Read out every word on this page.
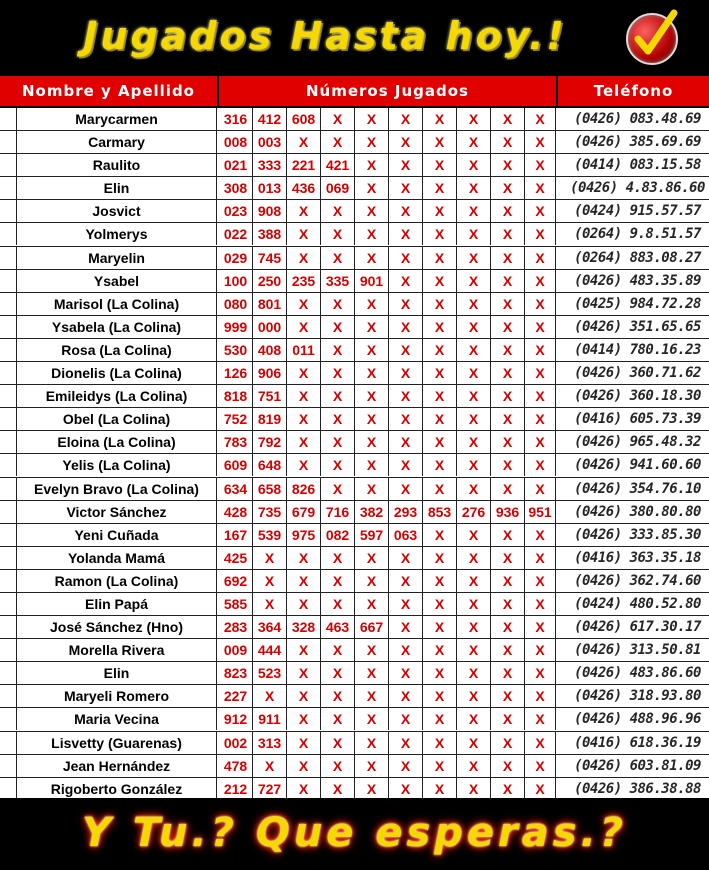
Jugados Hasta hoy.!
Nombre y Apellido	Números Jugados	Teléfono
Marycarmen	316 412 608	X	X	X	X	X	X	X	(0426) 083.48.69
Carmary	008 003	X	X	X	X	X	X	X	X	(0426) 385.69.69
Raulito	021 333 221 421	X	X	X	X	X	X	(0414) 083.15.58
Elin	308 013 436 069	X	X	X	X	X	X	(0426) 4.83.86.60
Josvict	023 908	X	X	X	X	X	X	X	X	(0424) 915.57.57
Yolmerys	022 388	X	X	X	X	X	X	X	X	(0264) 9.8.51.57
Maryelin	029 745	X	X	X	X	X	X	X	X	(0264) 883.08.27
Ysabel	100 250 235 335 901	X	X	X	X	X	(0426) 483.35.89
Marisol (La Colina)	080 801	X	X	X	X	X	X	X	X	(0425) 984.72.28
Ysabela (La Colina)	999 000	X	X	X	X	X	X	X	X	(0426) 351.65.65
Rosa (La Colina)	530 408 011	X	X	X	X	X	X	X	(0414) 780.16.23
Dionelis (La Colina)	126 906	X	X	X	X	X	X	X	X	(0426) 360.71.62
Emileidys (La Colina)	818 751	X	X	X	X	X	X	X	X	(0426) 360.18.30
Obel (La Colina)	752 819	X	X	X	X	X	X	X	X	(0416) 605.73.39
Eloina (La Colina)	783 792	X	X	X	X	X	X	X	X	(0426) 965.48.32
Yelis (La Colina)	609 648	X	X	X	X	X	X	X	X	(0426) 941.60.60
Evelyn Bravo (La Colina)	634 658 826	X	X	X	X	X	X	X	(0426) 354.76.10
Victor Sánchez	428 735 679 716 382 293 853 276 936 951	(0426) 380.80.80
Yeni Cuñada	167 539 975 082 597 063	X	X	X	X	(0426) 333.85.30
Yolanda Mamá	425	X	X	X	X	X	X	X	X	X	(0416) 363.35.18
Ramon (La Colina)	692	X	X	X	X	X	X	X	X	X	(0426) 362.74.60
Elin Papá	585	X	X	X	X	X	X	X	X	X	(0424) 480.52.80
José Sánchez (Hno)	283 364 328 463 667	X	X	X	X	X	(0426) 617.30.17
Morella Rivera	009 444	X	X	X	X	X	X	X	X	(0426) 313.50.81
Elin	823 523	X	X	X	X	X	X	X	X	(0426) 483.86.60
Maryeli Romero	227	X	X	X	X	X	X	X	X	X	(0426) 318.93.80
Maria Vecina	912 911	X	X	X	X	X	X	X	X	(0426) 488.96.96
Lisvetty (Guarenas)	002 313	X	X	X	X	X	X	X	X	(0416) 618.36.19
Jean Hernández	478	X	X	X	X	X	X	X	X	X	(0426) 603.81.09
Rigoberto González	212 727	X	X	X	X	X	X	X	X	(0426) 386.38.88
Y Tu.? Que esperas.?
